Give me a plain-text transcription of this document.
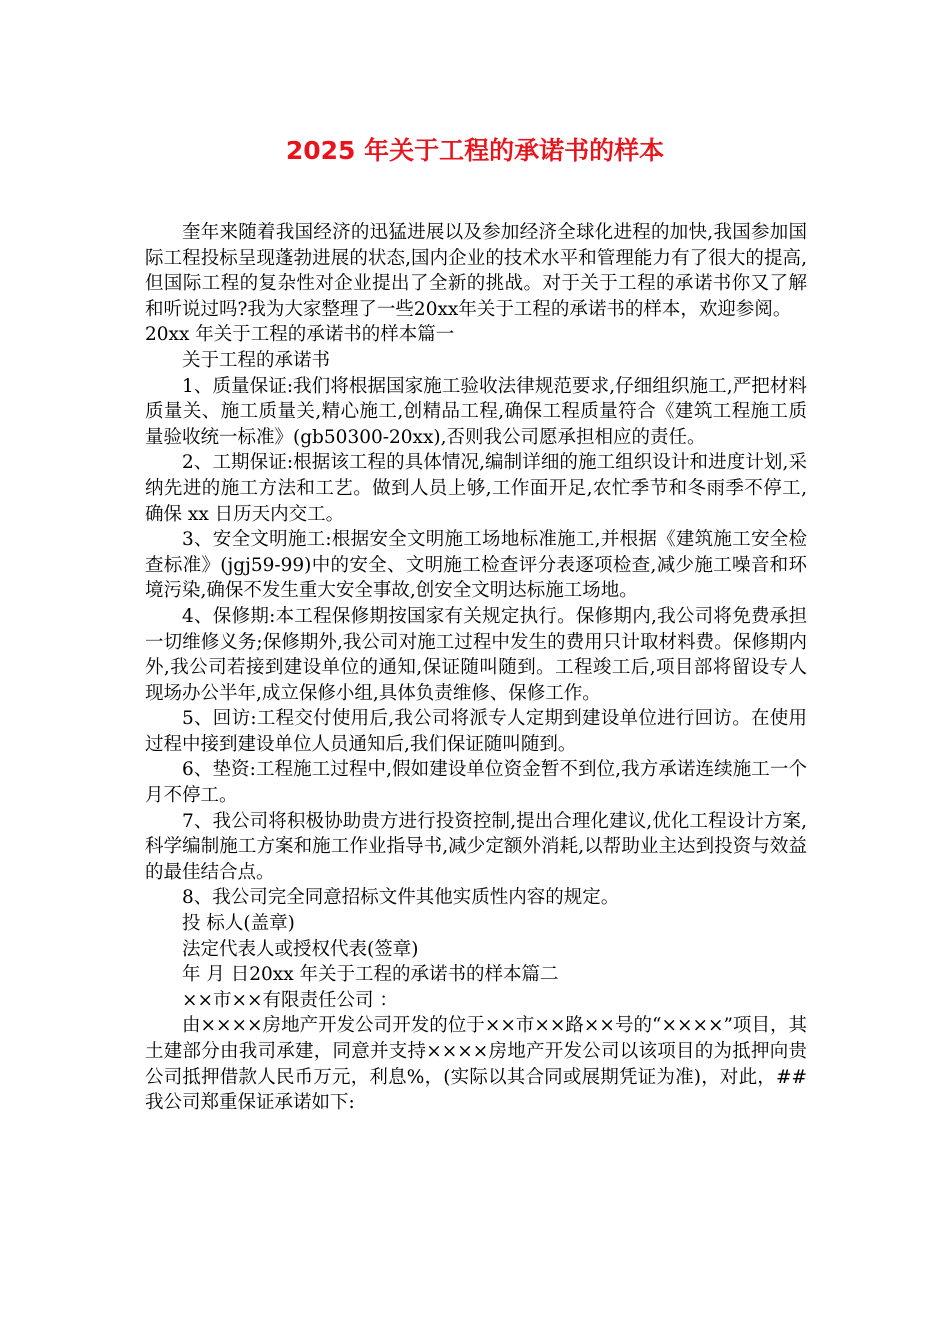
2025 年关于工程的承诺书的样本

奎年来随着我国经济的迅猛进展以及参加经济全球化进程的加快,我国参加国际工程投标呈现蓬勃进展的状态,国内企业的技术水平和管理能力有了很大的提高,但国际工程的复杂性对企业提出了全新的挑战。对于关于工程的承诺书你又了解和听说过吗?我为大家整理了一些20xx年关于工程的承诺书的样本，欢迎参阅。

20xx 年关于工程的承诺书的样本篇一

关于工程的承诺书

1、质量保证:我们将根据国家施工验收法律规范要求,仔细组织施工,严把材料质量关、施工质量关,精心施工,创精品工程,确保工程质量符合《建筑工程施工质量验收统一标准》(gb50300-20xx),否则我公司愿承担相应的责任。

2、工期保证:根据该工程的具体情况,编制详细的施工组织设计和进度计划,采纳先进的施工方法和工艺。做到人员上够,工作面开足,农忙季节和冬雨季不停工,确保 xx 日历天内交工。

3、安全文明施工:根据安全文明施工场地标准施工,并根据《建筑施工安全检查标准》(jgj59-99)中的安全、文明施工检查评分表逐项检查,减少施工噪音和环境污染,确保不发生重大安全事故,创安全文明达标施工场地。

4、保修期:本工程保修期按国家有关规定执行。保修期内,我公司将免费承担一切维修义务;保修期外,我公司对施工过程中发生的费用只计取材料费。保修期内外,我公司若接到建设单位的通知,保证随叫随到。工程竣工后,项目部将留设专人现场办公半年,成立保修小组,具体负责维修、保修工作。

5、回访:工程交付使用后,我公司将派专人定期到建设单位进行回访。在使用过程中接到建设单位人员通知后,我们保证随叫随到。

6、垫资:工程施工过程中,假如建设单位资金暂不到位,我方承诺连续施工一个月不停工。

7、我公司将积极协助贵方进行投资控制,提出合理化建议,优化工程设计方案,科学编制施工方案和施工作业指导书,减少定额外消耗,以帮助业主达到投资与效益的最佳结合点。

8、我公司完全同意招标文件其他实质性内容的规定。

投 标人(盖章)

法定代表人或授权代表(签章)

年 月 日20xx 年关于工程的承诺书的样本篇二

××市××有限责任公司 ：

由××××房地产开发公司开发的位于××市××路××号的“××××”项目，其土建部分由我司承建，同意并支持××××房地产开发公司以该项目的为抵押向贵公司抵押借款人民币万元，利息%，(实际以其合同或展期凭证为准)，对此，##我公司郑重保证承诺如下:
